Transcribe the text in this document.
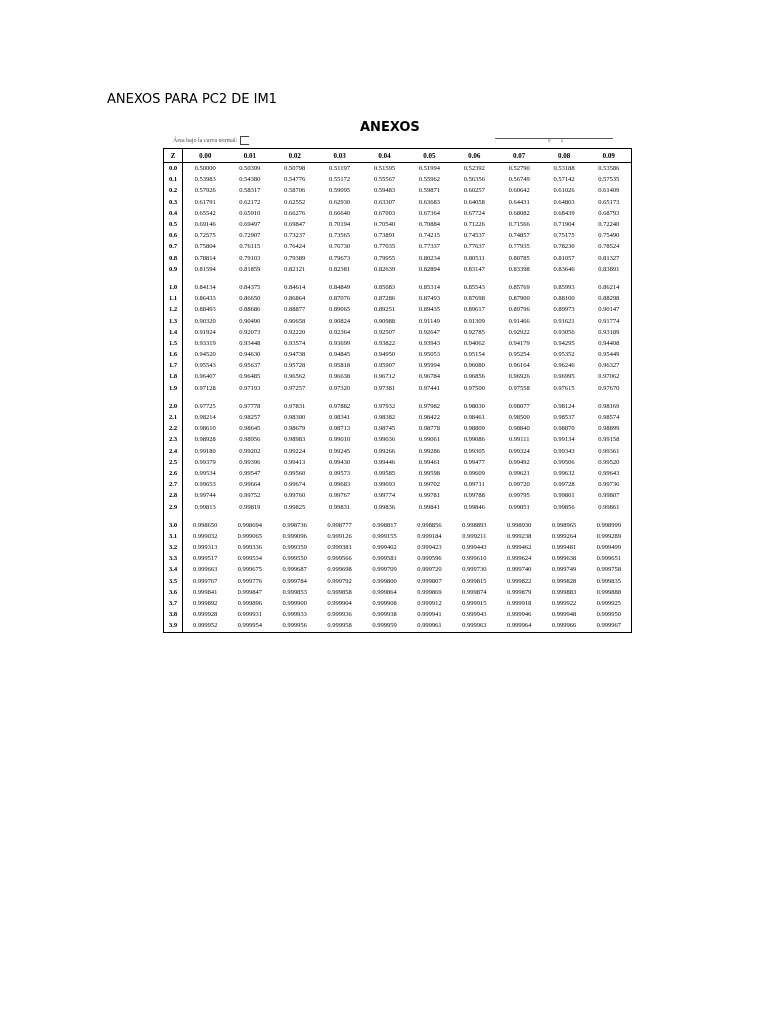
ANEXOS PARA PC2 DE IM1
ANEXOS
Área bajo la curva normal:	0 z
Z	0.00	0.01	0.02	0.03	0.04	0.05	0.06	0.07	0.08	0.09
0.0	0.50000	0.50399	0.50798	0.51197	0.51595	0.51994	0.52392	0.52790	0.53188	0.53586
0.1	0.53983	0.54380	0.54776	0.55172	0.55567	0.55962	0.56356	0.56749	0.57142	0.57535
0.2	0.57926	0.58317	0.58706	0.59095	0.59483	0.59871	0.60257	0.60642	0.61026	0.61409
0.3	0.61791	0.62172	0.62552	0.62930	0.63307	0.63683	0.64058	0.64431	0.64803	0.65173
0.4	0.65542	0.65910	0.66276	0.66640	0.67003	0.67364	0.67724	0.68082	0.68439	0.68793
0.5	0.69146	0.69497	0.69847	0.70194	0.70540	0.70884	0.71226	0.71566	0.71904	0.72240
0.6	0.72575	0.72907	0.73237	0.73565	0.73891	0.74215	0.74537	0.74857	0.75175	0.75490
0.7	0.75804	0.76115	0.76424	0.76730	0.77035	0.77337	0.77637	0.77935	0.78230	0.78524
0.8	0.78814	0.79103	0.79389	0.79673	0.79955	0.80234	0.80511	0.80785	0.81057	0.81327
0.9	0.81594	0.81859	0.82121	0.82381	0.82639	0.82894	0.83147	0.83398	0.83646	0.83891

1.0	0.84134	0.84375	0.84614	0.84849	0.85083	0.85314	0.85543	0.85769	0.85993	0.86214
1.1	0.86433	0.86650	0.86864	0.87076	0.87286	0.87493	0.87698	0.87900	0.88100	0.88298
1.2	0.88493	0.88686	0.88877	0.89065	0.89251	0.89435	0.89617	0.89796	0.89973	0.90147
1.3	0.90320	0.90490	0.90658	0.90824	0.90988	0.91149	0.91309	0.91466	0.91621	0.91774
1.4	0.91924	0.92073	0.92220	0.92364	0.92507	0.92647	0.92785	0.92922	0.93056	0.93189
1.5	0.93319	0.93448	0.93574	0.93699	0.93822	0.93943	0.94062	0.94179	0.94295	0.94408
1.6	0.94520	0.94630	0.94738	0.94845	0.94950	0.95053	0.95154	0.95254	0.95352	0.95449
1.7	0.95543	0.95637	0.95728	0.95818	0.95907	0.95994	0.96080	0.96164	0.96246	0.96327
1.8	0.96407	0.96485	0.96562	0.96638	0.96712	0.96784	0.96856	0.96926	0.96995	0.97062
1.9	0.97128	0.97193	0.97257	0.97320	0.97381	0.97441	0.97500	0.97558	0.97615	0.97670

2.0	0.97725	0.97778	0.97831	0.97882	0.97932	0.97982	0.98030	0.98077	0.98124	0.98169
2.1	0.98214	0.98257	0.98300	0.98341	0.98382	0.98422	0.98461	0.98500	0.98537	0.98574
2.2	0.98610	0.98645	0.98679	0.98713	0.98745	0.98778	0.98809	0.98840	0.98870	0.98899
2.3	0.98928	0.98956	0.98983	0.99010	0.99036	0.99061	0.99086	0.99111	0.99134	0.99158
2.4	0.99180	0.99202	0.99224	0.99245	0.99266	0.99286	0.99305	0.99324	0.99343	0.99361
2.5	0.99379	0.99396	0.99413	0.99430	0.99446	0.99461	0.99477	0.99492	0.99506	0.99520
2.6	0.99534	0.99547	0.99560	0.99573	0.99585	0.99598	0.99609	0.99621	0.99632	0.99643
2.7	0.99653	0.99664	0.99674	0.99683	0.99693	0.99702	0.99711	0.99720	0.99728	0.99736
2.8	0.99744	0.99752	0.99760	0.99767	0.99774	0.99781	0.99788	0.99795	0.99801	0.99807
2.9	0.99813	0.99819	0.99825	0.99831	0.99836	0.99841	0.99846	0.99851	0.99856	0.99861

3.0	0.998650	0.998694	0.998736	0.998777	0.998817	0.998856	0.998893	0.998930	0.998965	0.998999
3.1	0.999032	0.999065	0.999096	0.999126	0.999155	0.999184	0.999211	0.999238	0.999264	0.999289
3.2	0.999313	0.999336	0.999359	0.999381	0.999402	0.999423	0.999443	0.999462	0.999481	0.999499
3.3	0.999517	0.999534	0.999550	0.999566	0.999581	0.999596	0.999610	0.999624	0.999638	0.999651
3.4	0.999663	0.999675	0.999687	0.999698	0.999709	0.999720	0.999730	0.999740	0.999749	0.999758
3.5	0.999767	0.999776	0.999784	0.999792	0.999800	0.999807	0.999815	0.999822	0.999828	0.999835
3.6	0.999841	0.999847	0.999853	0.999858	0.999864	0.999869	0.999874	0.999879	0.999883	0.999888
3.7	0.999892	0.999896	0.999900	0.999904	0.999908	0.999912	0.999915	0.999918	0.999922	0.999925
3.8	0.999928	0.999931	0.999933	0.999936	0.999938	0.999941	0.999943	0.999946	0.999948	0.999950
3.9	0.999952	0.999954	0.999956	0.999958	0.999959	0.999961	0.999963	0.999964	0.999966	0.999967
